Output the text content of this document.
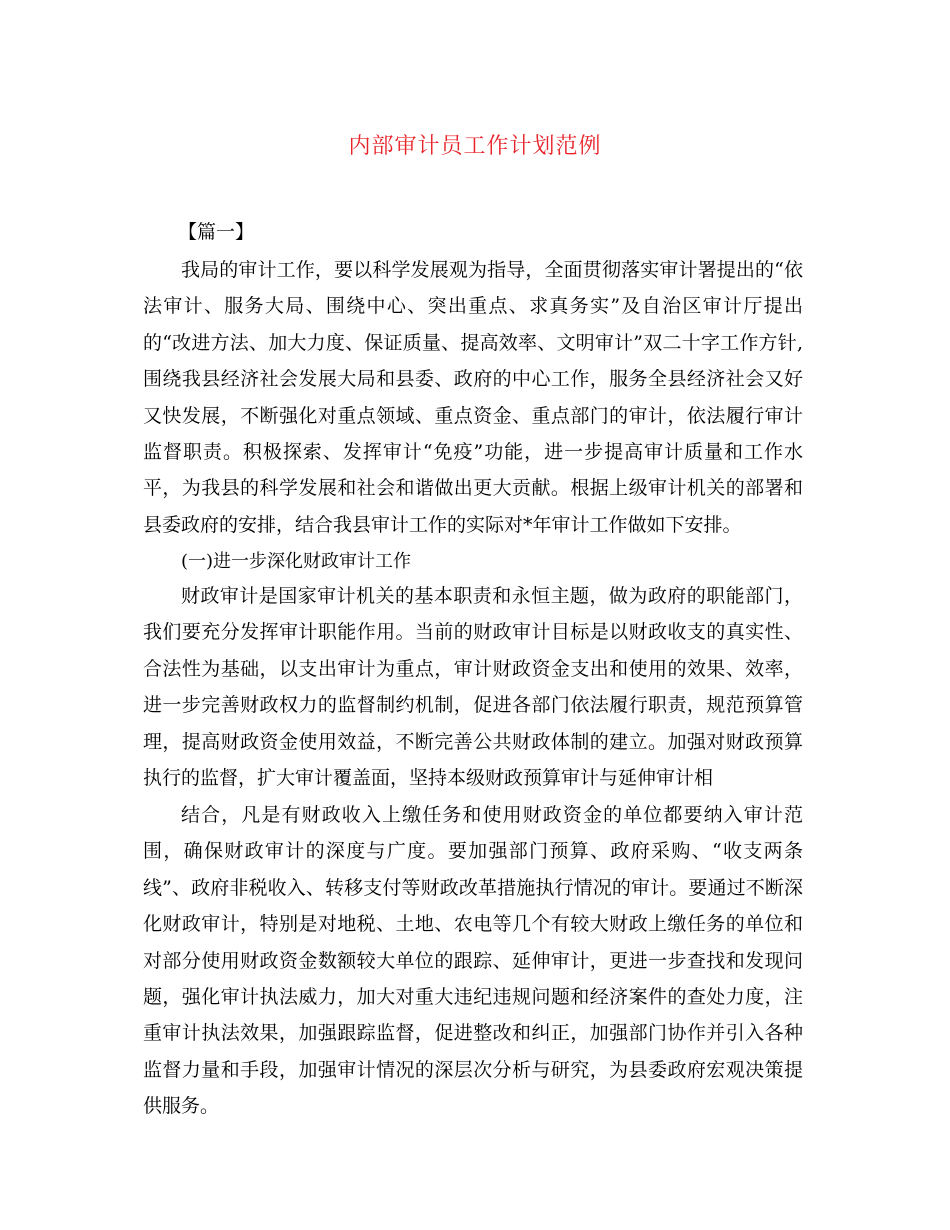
内部审计员工作计划范例
【篇一】

我局的审计工作，要以科学发展观为指导，全面贯彻落实审计署提出的“依法审计、服务大局、围绕中心、突出重点、求真务实”及自治区审计厅提出的“改进方法、加大力度、保证质量、提高效率、文明审计”双二十字工作方针,围绕我县经济社会发展大局和县委、政府的中心工作，服务全县经济社会又好又快发展，不断强化对重点领域、重点资金、重点部门的审计，依法履行审计监督职责。积极探索、发挥审计“免疫”功能，进一步提高审计质量和工作水平，为我县的科学发展和社会和谐做出更大贡献。根据上级审计机关的部署和县委政府的安排，结合我县审计工作的实际对*年审计工作做如下安排。

(一)进一步深化财政审计工作

财政审计是国家审计机关的基本职责和永恒主题，做为政府的职能部门，我们要充分发挥审计职能作用。当前的财政审计目标是以财政收支的真实性、合法性为基础，以支出审计为重点，审计财政资金支出和使用的效果、效率，进一步完善财政权力的监督制约机制，促进各部门依法履行职责，规范预算管理，提高财政资金使用效益，不断完善公共财政体制的建立。加强对财政预算执行的监督，扩大审计覆盖面，坚持本级财政预算审计与延伸审计相

结合，凡是有财政收入上缴任务和使用财政资金的单位都要纳入审计范围，确保财政审计的深度与广度。要加强部门预算、政府采购、“收支两条线”、政府非税收入、转移支付等财政改革措施执行情况的审计。要通过不断深化财政审计，特别是对地税、土地、农电等几个有较大财政上缴任务的单位和对部分使用财政资金数额较大单位的跟踪、延伸审计，更进一步查找和发现问题，强化审计执法威力，加大对重大违纪违规问题和经济案件的查处力度，注重审计执法效果，加强跟踪监督，促进整改和纠正，加强部门协作并引入各种监督力量和手段，加强审计情况的深层次分析与研究，为县委政府宏观决策提供服务。
